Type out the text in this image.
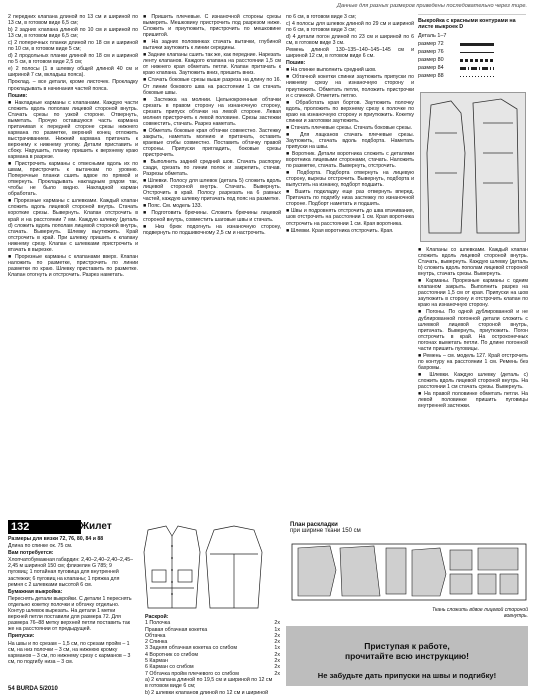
Данные для разных размеров приведены последовательно через тире.

2 передних клапана длиной по 13 см и шириной по 13 см, в готовом виде 6,5 см;

b) 2 задних клапана длиной по 10 см и шириной по 13 см, в готовом виде 6,5 см;

c) 2 поперечных планки длиной по 18 см и шириной по 10 см, в готовом виде 5 см;

d) 2 продольных планки длиной по 18 см и шириной по 5 см, в готовом виде 2,5 см;

e) 2 полосы (1 в шлевку общей длиной 40 см и шириной 7 см, вкладыш пояса).

Проклад. – все детали, кроме листочек. Прокладку прокладывать в начинания частей пояса.

Пошив:

■ Накладные карманы с клапанами. Каждую части сложить вдоль пополам лицевой стороной внутрь. Стачать срезы по узкой стороне. Отвернуть, выметать. Прочую оставшуюся часть кармана притачивая к передней стороне срезы нижнего кармана по разметке, верхний конец отложить выстрачиванием. Нижний кармана притачать к верхнему к нижнему уголку. Детали приставить и сбоку. Нарушить, планку пришить к верхнему краю кармана в разрезе.

■ Пристрочить карманы с отвесными вдоль их по швам, пристрочить к вытачкам по уровню. Поперечные планки сшить вдвое по прямой и отвернуть. Прокладывать накладным рядом так, чтобы не было видно. Накладной карман обработать.

■ Прорезные карманы с шлевками. Каждый клапан сложить вдоль лицевой стороной внутрь. Стачать короткие срезы. Вывернуть. Клапан отстрочить в край и на расстоянии 7 мм. Каждую шлевку (деталь d) сложить вдоль пополам лицевой стороной внутрь, стачать. Вывернуть. Шлевку выутюжить. Край отстрочить в край. При шлевку пришить к клапану нижнему срезу. Клапан с шлевками пристрочить и втачать в вырезке.

■ Прорезные карманы с клапанами вверх. Клапан наложить по разметке, пристрочить по линии разметки по краю. Шлевку приставить по разметке. Клапан отогнуть и отстрочить. Разрез наметать.

■ Пришить плечевые. С изнаночной стороны срезы вымерить. Мешковину пристрочить под разрезом ниже. Сложить и приутюжить, пристрочить по мешковине пришитой.

■ На задних половинках стачать вытачки, глубиной вытачки заутюжить к линии середины.

■ Задние клапаны сшить так же, как передние. Нарезать ленту клапанов. Каждого клапана на расстоянии 1,5 см от нижнего края обметать петли. Клапан притачать к краю клапана. Заутюжить вниз, пришить вниз.

■ Стачать боковые срезы выше разреза на длину по 16. От линии бокового шва на расстоянии 1 см стачать боковые швы.

■ Застежка на молнии. Цельнокроенные обтачки срезать в правом сторону на изнаночную сторону, срезать припуск обтачки на левой стороне. Левая молния пристрочить к левой половине. Срезы застежки совместить, стачать. Разрез наметать.

■ Обметать боковые края обтачки совместно. Застежку закрыть, наметать молнию и притачать, оставить краевые сгибы совместно. Поставить обтачку правой стороны. Припуски пригладить, боковые срезы пристрочить.

■ Выполнить задний средний шов. Стачать распорку сзади, срезать по линии полок и закрепить, стачав. Разрезы обметать.

■ Шлевки. Полосу для шлевок (деталь 5) сложить вдоль лицевой стороной внутрь. Стачать. Вывернуть. Отстрочить в край. Полосу разрезать на 6 равных частей, каждую шлевку притачать под пояс на разметке.

■ Пояс. См. модель 133.

■ Подготовить брючины. Сложить брючины лицевой стороной внутрь, совместить шаговые швы и стачать.

■ Низ брюк подогнуть на изнаночную сторону, подвернуть по подшивочному 2,5 см и настрочить.

по 6 см, в готовом виде 3 см;

c) 4 полосы для шлевок длиной по 29 см и шириной по 6 см, в готовом виде 3 см;

d) 4 детали погон длиной по 23 см и шириной по 6 см, в готовом виде 3 см.

Ремень длиной 130–135–140–145–145 см и шириной 12 см, в готовом виде 6 см.

Пошив:

■ На спинке выполнить средний шов.

■ Обтачной кокетки спинки заутюжить припуски по нижнему срезу на изнаночную сторону и приутюжить. Обметать петли, положить пристрочки и с спинкой. Отметить петлю.

■ Обработать края бортов. Заутюжить полочку вдоль, проложить по верхнему срезу к полочке по краю на изнаночную сторону и приутюжить. Кокетку спинки и заготовки заутюжить.

■ Стачать плечевые срезы. Стачать боковые срезы.

■ Для лацканов стачать плечевые срезы. Заутюжить, стачать вдоль подборта. Наметать припуски на швы.

■ Воротник. Детали воротника сложить с деталями воротника лицевыми сторонами, стачать. Наложить по разметке, стачать. Вывернуть, отстрочить.

■ Подборта. Подборта отвернуть на лицевую сторону, вырезы отстрочить. Вывернуть, подборта и выпустить на изнанку, подборт подшить.

■ Вшить подкладку еще раз отвернуть вперед. Притачать по подгибу низа застежку по изнаночной стороне. Подборт наметать и подшить.

■ Швы и подровнять отстрочить до шва втачивания, шов отстрочить на расстоянии 1 см. Края воротника отстрочить на расстоянии 1 см. Края воротника.

■ Шлевки. Края воротника отстрочить. Края.

Выкройка с красными контурами на листе выкроек D
Деталь 1–7
размер 72
размер 76
размер 80
размер 84
размер 88

■ Клапаны со шлевками. Каждый клапан сложить вдоль лицевой стороной внутрь. Стачать, вывернуть. Каждую шлевку (деталь b) сложить вдоль пополам лицевой стороной внутрь, стачать срезы. Вывернуть.

■ Карманы. Прорезные карманы с одним клапаном закрыть. Выполнить разрез на расстоянии 1,5 см от края. Припуски на шов заутюжить в сторону и отстрочить клапан по краю на изнаночную сторону.

■ Погоны. По одной дублированной и не дублированной погонной детали сложить с шлевкой лицевой стороной внутрь, притачать. Вывернуть, приутюжить. Погон отстрочить в край. На остроконечных погонах выметать петли. По длине погонной части пришить пуговицы.

■ Ремень – см. модель 127. Край отстрочить по контуру на расстоянии 1 см. Ремень без бахромы.

■ Шлевки. Каждую шлевку (деталь с) сложить вдоль лицевой стороной внутрь. На расстоянии 1 см стачать срезы. Вывернуть.

■ На правой половинке обметать петли. На левой половинке пришить пуговицы внутренней застежки.

132	Жилет

Размеры для вязки 72, 76, 80, 84 и 88

Длина по спинке ок. 75 см.

Вам потребуется:

Хлопчатобумажная габардин: 2,40–2,40–2,40–2,45–2,45 м шириной 150 см; флизелин G 785; 9 пуговиц; 1 потайная пуговица для внутренней застежки; 6 пуговиц на клапаны; 1 пряжка для ремня с 2 шлевками высотой 6 см.

Бумажная выкройка:

Переснять детали выкройки. С детали 1 переснять отдельно кокетку полочки и обтачку отдельно. Контур шлевок вырезать. На детали 1 метки верхней петли поставили для размера 72. Для размера 76–88 метку верхней петли поставить так же на расстоянии от предыдущей.

Припуски:

На швы и по срезам – 1,5 см, по срезам пройм – 1 см, на низ полочки – 3 см, на нижнюю кромку карманов – 3 см, по нижнему срезу с карманов – 3 см, по подгибу низа – 3 см.

Раскрой:
1 Полочка	2x
Правая обтачная кокетка	1x
Обтачка	2x
2 Спинка	2x
3 Задняя обтачная кокетка со сгибом	1x
4 Воротник со сгибом	2x
5 Карман	2x
6 Карман со сгибом	2x
7 Обтачка пройм плечевого со сгибом	2x
а) 2 клапана длиной по 19,5 см и шириной по 12 см
в готовом виде 6 см;
b) 2 шлевки клапанов длиной по 12 см и шириной
План раскладки
при ширине ткани 150 см
Ткань сложить вдвое лицевой стороной вовнутрь.
Приступая к работе,
прочитайте всю инструкцию!
Не забудьте дать припуски на швы и подгибку!
54 BURDA 5/2010
